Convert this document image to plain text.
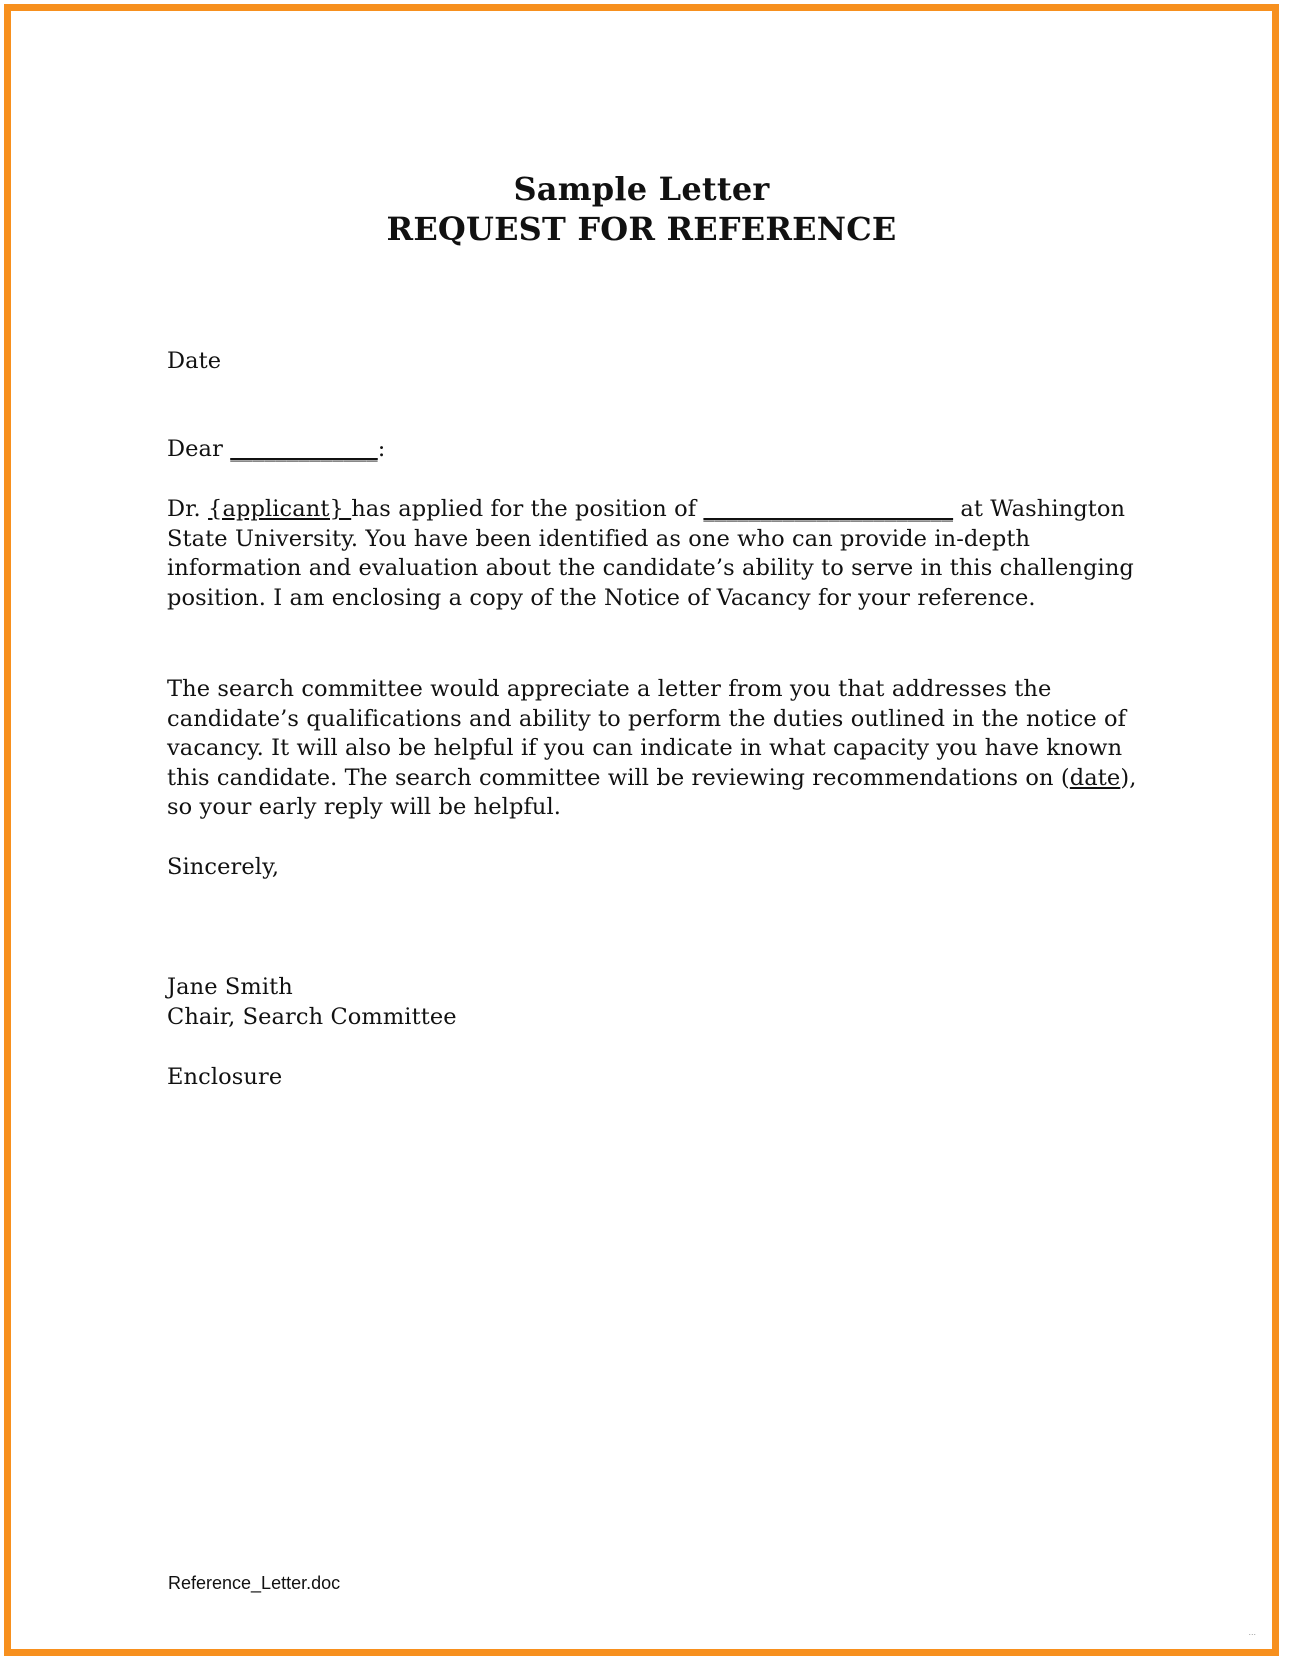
Sample Letter
REQUEST FOR REFERENCE
Date
Dear _____________:
Dr. {applicant} has applied for the position of ______________________ at Washington State University. You have been identified as one who can provide in-depth information and evaluation about the candidate’s ability to serve in this challenging position. I am enclosing a copy of the Notice of Vacancy for your reference.
The search committee would appreciate a letter from you that addresses the candidate’s qualifications and ability to perform the duties outlined in the notice of vacancy. It will also be helpful if you can indicate in what capacity you have known this candidate. The search committee will be reviewing recommendations on (date), so your early reply will be helpful.
Sincerely,
Jane Smith
Chair, Search Committee
Enclosure
Reference_Letter.doc
...
